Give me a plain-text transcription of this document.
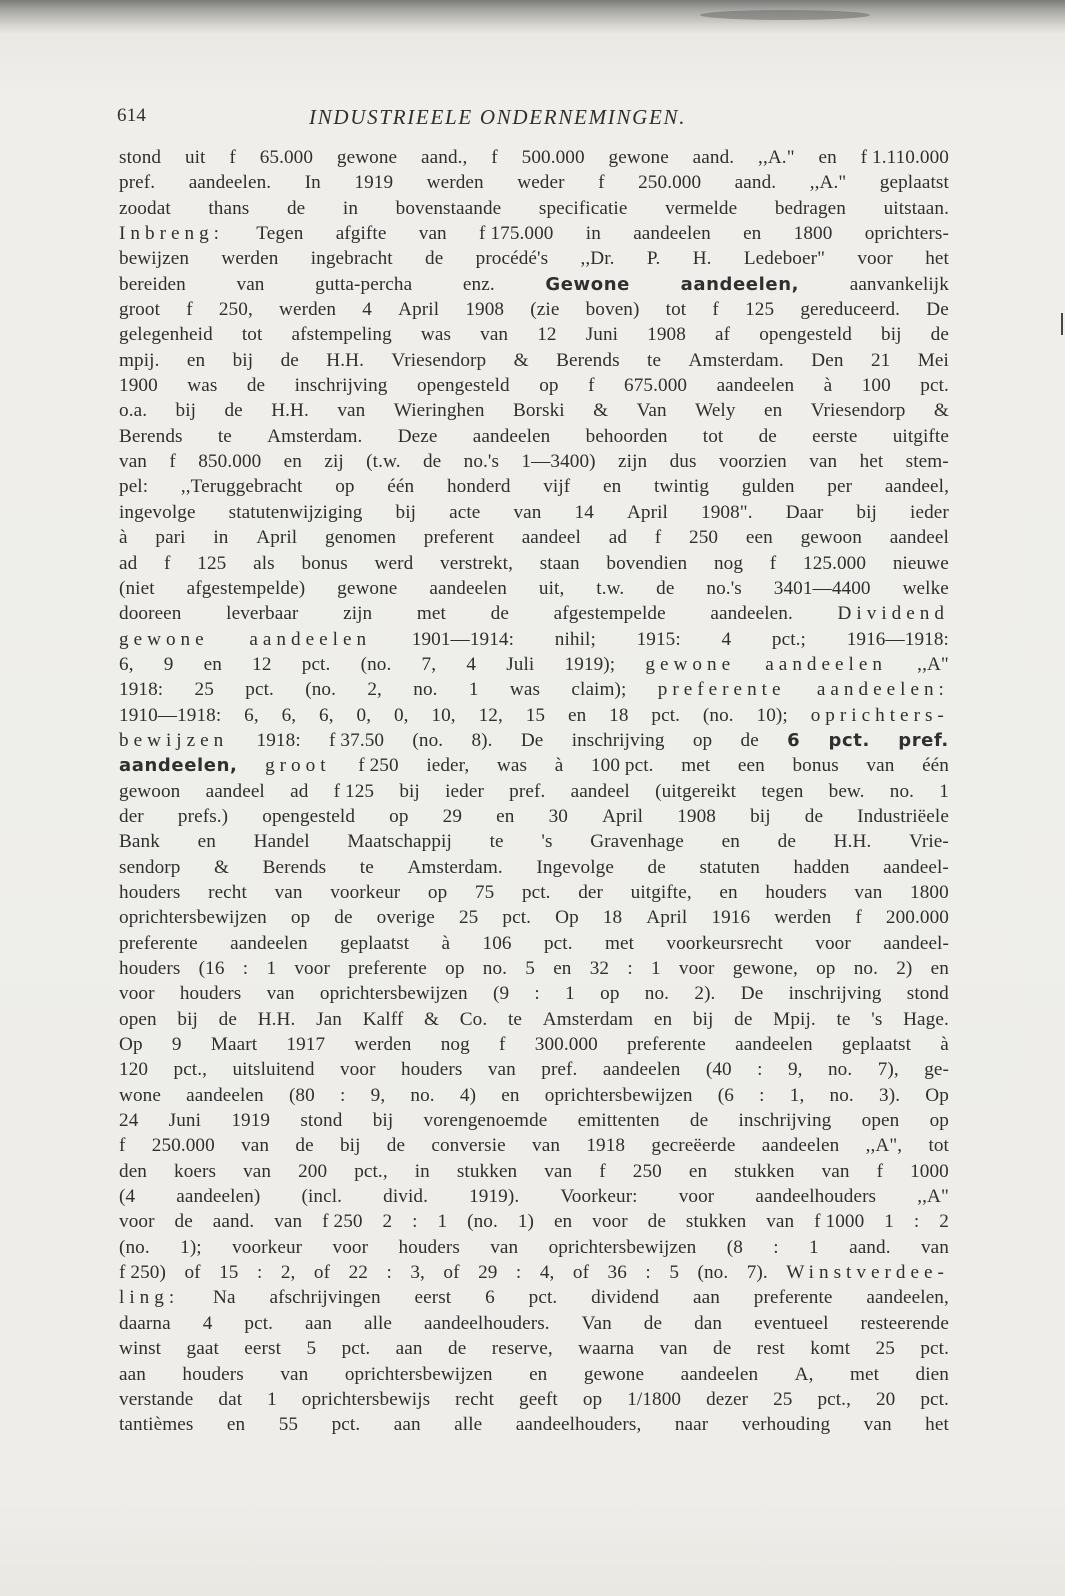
614	INDUSTRIEELE ONDERNEMINGEN.
stond uit f 65.000 gewone aand., f 500.000 gewone aand. ,,A." en f 1.110.000
pref. aandeelen. In 1919 werden weder f 250.000 aand. ,,A." geplaatst
zoodat thans de in bovenstaande specificatie vermelde bedragen uitstaan.
Inbreng: Tegen afgifte van f 175.000 in aandeelen en 1800 oprichters-
bewijzen werden ingebracht de procédé's ,,Dr. P. H. Ledeboer" voor het
bereiden	van	gutta-percha	enz.	Gewone	aandeelen,	aanvankelijk
groot f 250, werden 4 April 1908 (zie boven) tot f 125 gereduceerd. De
gelegenheid tot afstempeling was van 12 Juni 1908 af opengesteld bij de
mpij. en bij de H.H. Vriesendorp & Berends te Amsterdam. Den 21 Mei
1900 was de inschrijving opengesteld op f 675.000 aandeelen à 100 pct.
o.a. bij de H.H. van Wieringhen Borski & Van Wely en Vriesendorp &
Berends te Amsterdam. Deze aandeelen behoorden tot de eerste uitgifte
van f 850.000 en zij (t.w. de no.'s 1—3400) zijn dus voorzien van het stem-
pel: ,,Teruggebracht op één honderd vijf en twintig gulden per aandeel,
ingevolge statutenwijziging bij acte van 14 April 1908". Daar bij ieder
à pari in April genomen preferent aandeel ad f 250 een gewoon aandeel
ad f 125 als bonus werd verstrekt, staan bovendien nog f 125.000 nieuwe
(niet afgestempelde) gewone aandeelen uit, t.w. de no.'s 3401—4400 welke
dooreen leverbaar zijn met de afgestempelde aandeelen. Dividend
gewone aandeelen 1901—1914: nihil; 1915: 4 pct.; 1916—1918:
6, 9 en 12 pct. (no. 7, 4 Juli 1919); gewone aandeelen ,,A"
1918: 25 pct. (no. 2, no. 1 was claim); preferente aandeelen:
1910—1918: 6, 6, 6, 0, 0, 10, 12, 15 en 18 pct. (no. 10); oprichters-
bewijzen 1918: f 37.50 (no. 8). De inschrijving op de 6 pct. pref.
aandeelen, groot f 250 ieder, was à 100 pct. met een bonus van één
gewoon aandeel ad f 125 bij ieder pref. aandeel (uitgereikt tegen bew. no. 1
der prefs.) opengesteld op 29 en 30 April 1908 bij de Industriëele
Bank en Handel Maatschappij te 's Gravenhage en de H.H. Vrie-
sendorp & Berends te Amsterdam. Ingevolge de statuten hadden aandeel-
houders recht van voorkeur op 75 pct. der uitgifte, en houders van 1800
oprichtersbewijzen op de overige 25 pct. Op 18 April 1916 werden f 200.000
preferente aandeelen geplaatst à 106 pct. met voorkeursrecht voor aandeel-
houders (16 : 1 voor preferente op no. 5 en 32 : 1 voor gewone, op no. 2) en
voor houders van oprichtersbewijzen (9 : 1 op no. 2). De inschrijving stond
open bij de H.H. Jan Kalff & Co. te Amsterdam en bij de Mpij. te 's Hage.
Op 9 Maart 1917 werden nog f 300.000 preferente aandeelen geplaatst à
120 pct., uitsluitend voor houders van pref. aandeelen (40 : 9, no. 7), ge-
wone aandeelen (80 : 9, no. 4) en oprichtersbewijzen (6 : 1, no. 3). Op
24 Juni 1919 stond bij vorengenoemde emittenten de inschrijving open op
f 250.000 van de bij de conversie van 1918 gecreëerde aandeelen ,,A", tot
den koers van 200 pct., in stukken van f 250 en stukken van f 1000
(4 aandeelen) (incl. divid. 1919). Voorkeur: voor aandeelhouders ,,A"
voor de aand. van f 250 2 : 1 (no. 1) en voor de stukken van f 1000 1 : 2
(no. 1); voorkeur voor houders van oprichtersbewijzen (8 : 1 aand. van
f 250) of 15 : 2, of 22 : 3, of 29 : 4, of 36 : 5 (no. 7). Winstverdee-
ling: Na afschrijvingen eerst 6 pct. dividend aan preferente aandeelen,
daarna 4 pct. aan alle aandeelhouders. Van de dan eventueel resteerende
winst gaat eerst 5 pct. aan de reserve, waarna van de rest komt 25 pct.
aan houders van oprichtersbewijzen en gewone aandeelen A, met dien
verstande dat 1 oprichtersbewijs recht geeft op 1/1800 dezer 25 pct., 20 pct.
tantièmes en 55 pct. aan alle aandeelhouders, naar verhouding van het
